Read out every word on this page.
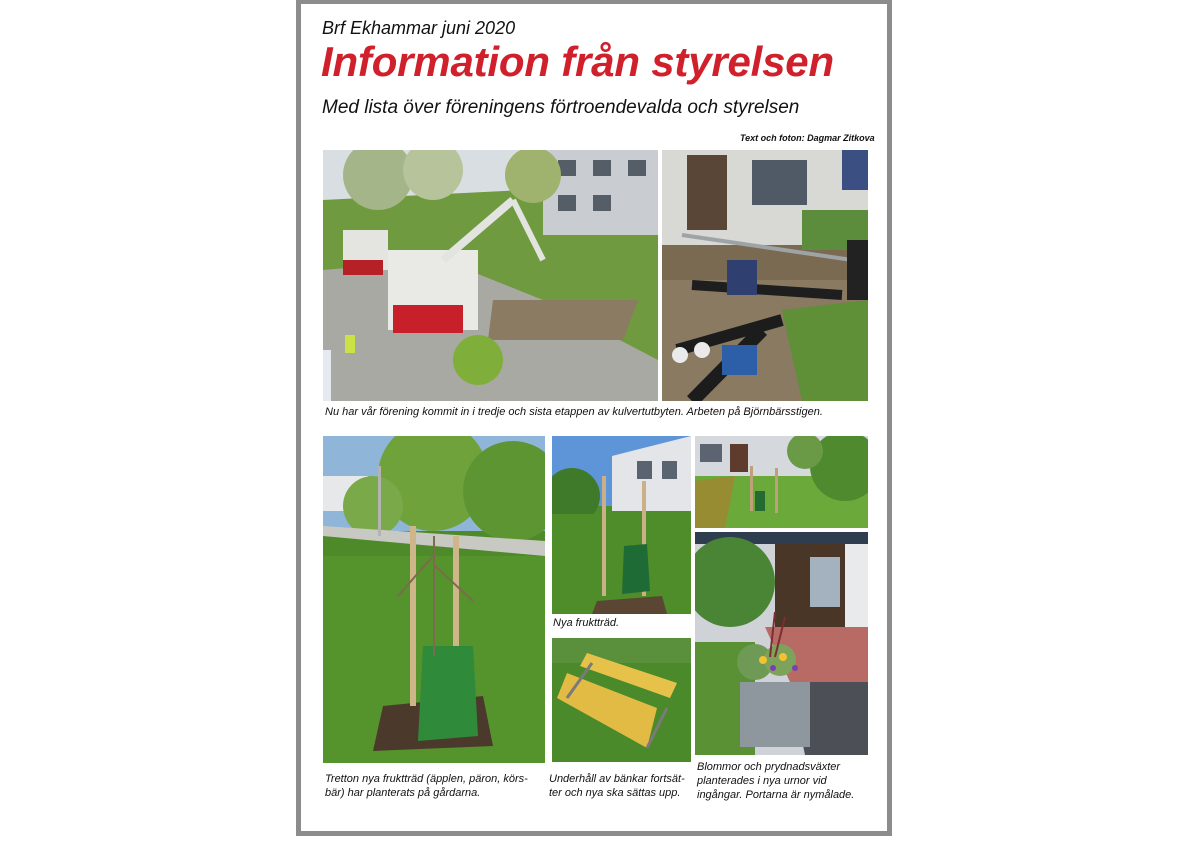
Brf Ekhammar juni 2020
Information från styrelsen
Med lista över föreningens förtroendevalda och styrelsen
Text och foton: Dagmar Zitkova
Nu har vår förening kommit in i tredje och sista etappen av kulvertutbyten. Arbeten på Björnbärsstigen.
Nya fruktträd.
Tretton nya fruktträd (äpplen, päron, körs-bär) har planterats på gårdarna.
Underhåll av bänkar fortsät-ter och nya ska sättas upp.
Blommor och prydnadsväxter planterades i nya urnor vid ingångar. Portarna är nymålade.
